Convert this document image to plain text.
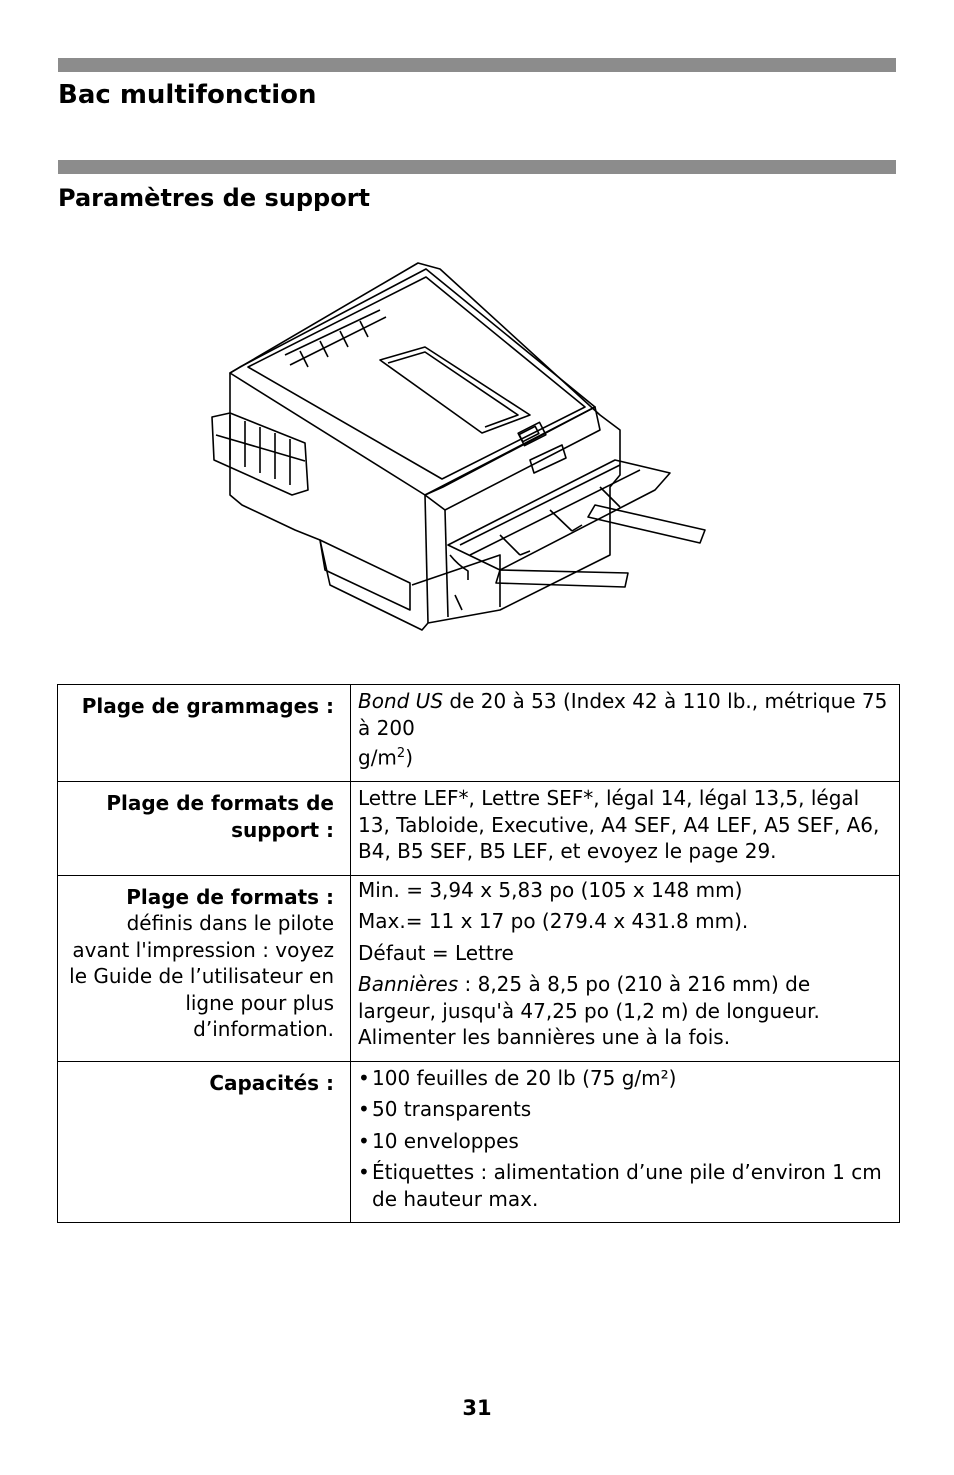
Bac multifonction
Paramètres de support
Plage de grammages :	Bond US de 20 à 53 (Index 42 à 110 lb., métrique 75 à 200
$g/m^2$)
Plage de formats de support :	Lettre LEF*, Lettre SEF*, légal 14, légal 13,5, légal 13, Tabloide, Executive, A4 SEF, A4 LEF, A5 SEF, A6, B4, B5 SEF, B5 LEF, et evoyez le page 29.

Plage de formats :
définis dans le pilote avant l'impression : voyez le Guide de l’utilisateur en ligne pour plus d’information.	Min. = 3,94 x 5,83 po (105 x 148 mm)
Max.= 11 x 17 po (279.4 x 431.8 mm).
Défaut = Lettre
Bannières : 8,25 à 8,5 po (210 à 216 mm) de largeur, jusqu'à 47,25 po (1,2 m) de longueur. Alimenter les bannières une à la fois.
Capacités :	• 100 feuilles de 20 lb (75 g/m²)
• 50 transparents
• 10 enveloppes
• Étiquettes : alimentation d’une pile d’environ 1 cm de hauteur max.
31
